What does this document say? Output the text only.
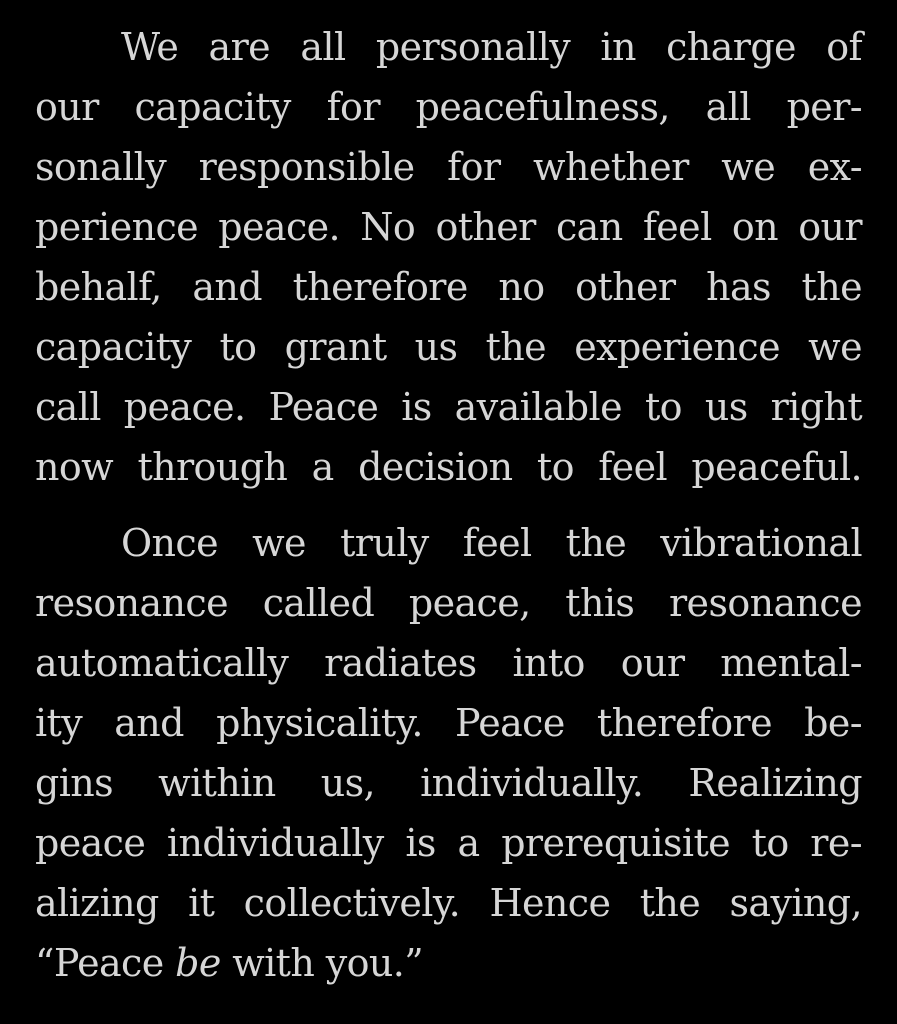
We are all personally in charge of
our capacity for peacefulness, all per-
sonally responsible for whether we ex-
perience peace. No other can feel on our
behalf, and therefore no other has the
capacity to grant us the experience we
call peace. Peace is available to us right
now through a decision to feel peaceful.
Once we truly feel the vibrational
resonance called peace, this resonance
automatically radiates into our mental-
ity and physicality. Peace therefore be-
gins within us, individually. Realizing
peace individually is a prerequisite to re-
alizing it collectively. Hence the saying,
“Peace be with you.”
